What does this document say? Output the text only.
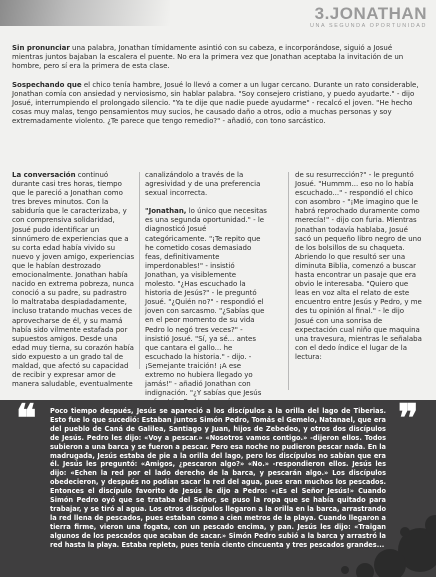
3.JONATHAN
UNA SEGUNDA OPORTUNIDAD

Sin pronunciar una palabra, Jonathan tímidamente asintió con su cabeza, e incorporándose, siguió a Josué mientras juntos bajaban la escalera el puente. No era la primera vez que Jonathan aceptaba la invitación de un hombre, pero sí era la primera de esta clase.

Sospechando que el chico tenía hambre, Josué lo llevó a comer a un lugar cercano. Durante un rato considerable, Jonathan comía con ansiedad y nerviosismo, sin hablar palabra. "Soy consejero cristiano, y puedo ayudarte." - dijo Josué, interrumpiendo el prolongado silencio. "Ya te dije que nadie puede ayudarme" - recalcó el joven. "He hecho cosas muy malas, tengo pensamientos muy sucios, he causado daño a otros, odio a muchas personas y soy extremadamente violento. ¿Te parece que tengo remedio?" - añadió, con tono sarcástico.

La conversación continuó durante casi tres horas, tiempo que le pareció a Jonathan como tres breves minutos. Con la sabiduría que le caracterizaba, y con comprensiva solidaridad, Josué pudo identificar un sinnúmero de experiencias que a su corta edad había vivido su nuevo y joven amigo, experiencias que le habían destrozado emocionalmente. Jonathan había nacido en extrema pobreza, nunca conoció a su padre, su padrastro lo maltrataba despiadadamente, incluso tratando muchas veces de aprovecharse de él, y su mamá había sido vilmente estafada por supuestos amigos. Desde una edad muy tierna, su corazón había sido expuesto a un grado tal de maldad, que afectó su capacidad de recibir y expresar amor de manera saludable, eventualmente

canalizándolo a través de la agresividad y de una preferencia sexual incorrecta.

"Jonathan, lo único que necesitas es una segunda oportunidad." - le diagnosticó Josué categóricamente. "¡Te repito que he cometido cosas demasiado feas, definitivamente imperdonables!" - insistió Jonathan, ya visiblemente molesto. "¿Has escuchado la historia de Jesús?" - le preguntó Josué. "¿Quién no?" - respondió el joven con sarcasmo. "¿Sabías que en el peor momento de su vida Pedro lo negó tres veces?" - insistió Josué. "Sí, ya sé... antes que cantara el gallo... he escuchado la historia." - dijo. - ¡Semejante traición! ¡A ese extremo no hubiera llegado yo jamás!" - añadió Jonathan con indignación. "¿Y sabías que Jesús

de su resurrección?" - le preguntó Josué. "Hummm... eso no lo había escuchado..." - respondió el chico con asombro - "¡Me imagino que le habrá reprochado duramente como merecía!" - dijo con furia. Mientras Jonathan todavía hablaba, Josué sacó un pequeño libro negro de uno de los bolsillos de su chaqueta. Abriendo lo que resultó ser una diminuta Biblia, comenzó a buscar hasta encontrar un pasaje que era obvio le interesaba. "Quiero que leas en voz alta el relato de este encuentro entre Jesús y Pedro, y me des tu opinión al final." - le dijo Josué con una sonrisa de expectación cual niño que maquina una travesura, mientras le señalaba con el dedo índice el lugar de la lectura:

❝	❞

Poco tiempo después, Jesús se apareció a los discípulos a la orilla del lago de Tiberias. Esto fue lo que sucedió: Estaban juntos Simón Pedro, Tomás el Gemelo, Natanael, que era del pueblo de Caná de Galilea, Santiago y Juan, hijos de Zebedeo, y otros dos discípulos de Jesús. Pedro les dijo: «Voy a pescar.» «Nosotros vamos contigo.» -dijeron ellos. Todos subieron a una barca y se fueron a pescar. Pero esa noche no pudieron pescar nada. En la madrugada, Jesús estaba de pie a la orilla del lago, pero los discípulos no sabían que era él. Jesús les preguntó: «Amigos, ¿pescaron algo?» «No.» -respondieron ellos. Jesús les dijo: «Echen la red por el lado derecho de la barca, y pescarán algo.» Los discípulos obedecieron, y después no podían sacar la red del agua, pues eran muchos los pescados. Entonces el discípulo favorito de Jesús le dijo a Pedro: «¡Es el Señor Jesús!» Cuando Simón Pedro oyó que se trataba del Señor, se puso la ropa que se había quitado para trabajar, y se tiró al agua. Los otros discípulos llegaron a la orilla en la barca, arrastrando la red llena de pescados, pues estaban como a cien metros de la playa. Cuando llegaron a tierra firme, vieron una fogata, con un pescado encima, y pan. Jesús les dijo: «Traigan algunos de los pescados que acaban de sacar.» Simón Pedro subió a la barca y arrastró la red hasta la playa. Estaba repleta, pues tenía ciento cincuenta y tres pescados grandes...
